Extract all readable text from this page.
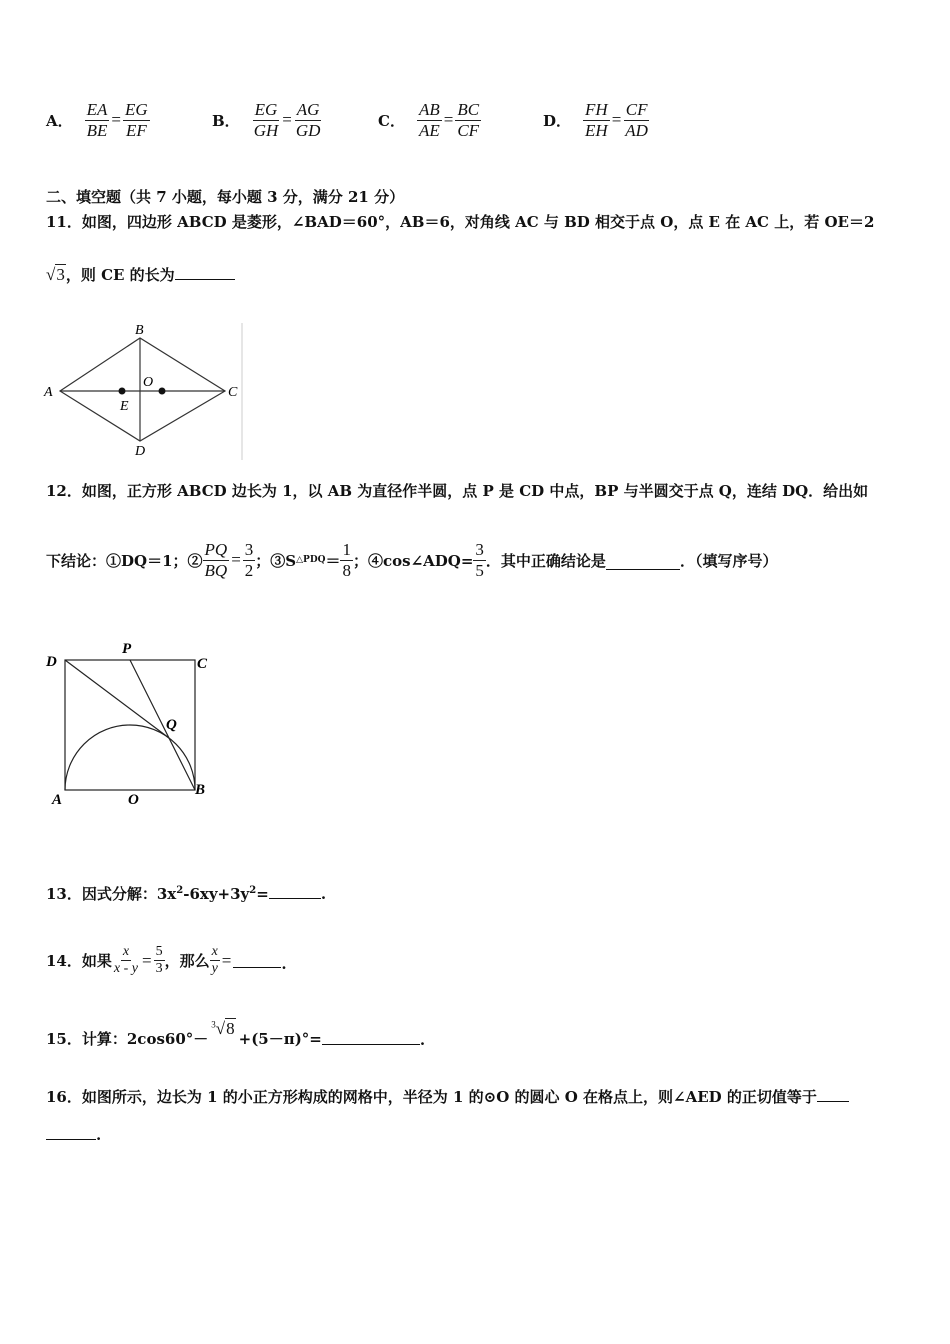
A． $\frac{EA}{BE} = \frac{EG}{EF}$	B． $\frac{EG}{GH} = \frac{AG}{GD}$	C． $\frac{AB}{AE} = \frac{BC}{CF}$	D． $\frac{FH}{EH} = \frac{CF}{AD}$
二、填空题（共 7 小题，每小题 3 分，满分 21 分）
11．如图，四边形 ABCD 是菱形，∠BAD＝60°，AB＝6，对角线 AC 与 BD 相交于点 O，点 E 在 AC 上，若 OE＝2
√3，则 CE 的长为
B
A	C
D
O
E
12．如图，正方形 ABCD 边长为 1，以 AB 为直径作半圆，点 P 是 CD 中点，BP 与半圆交于点 Q，连结 DQ．给出如
下结论：①DQ＝1；② $\frac{PQ}{BQ} = \frac{3}{2}$ ；③S △PDQ ＝ $\frac{1}{8}$ ；④cos∠ADQ= $\frac{3}{5}$ ．其中正确结论是	．（填写序号）
D
P
C
Q
A	O
B
13．因式分解：$3x^2-6xy+3y^2=$	.
14．如果 $\frac{x}{x - y} = \frac{5}{3}$ ，那么 $\frac{x}{y}$ =	.
15．计算：2cos60°－
$^3$√8
+(5－π)°=	.
16．如图所示，边长为 1 的小正方形构成的网格中，半径为 1 的⊙O 的圆心 O 在格点上，则∠AED 的正切值等于
.
